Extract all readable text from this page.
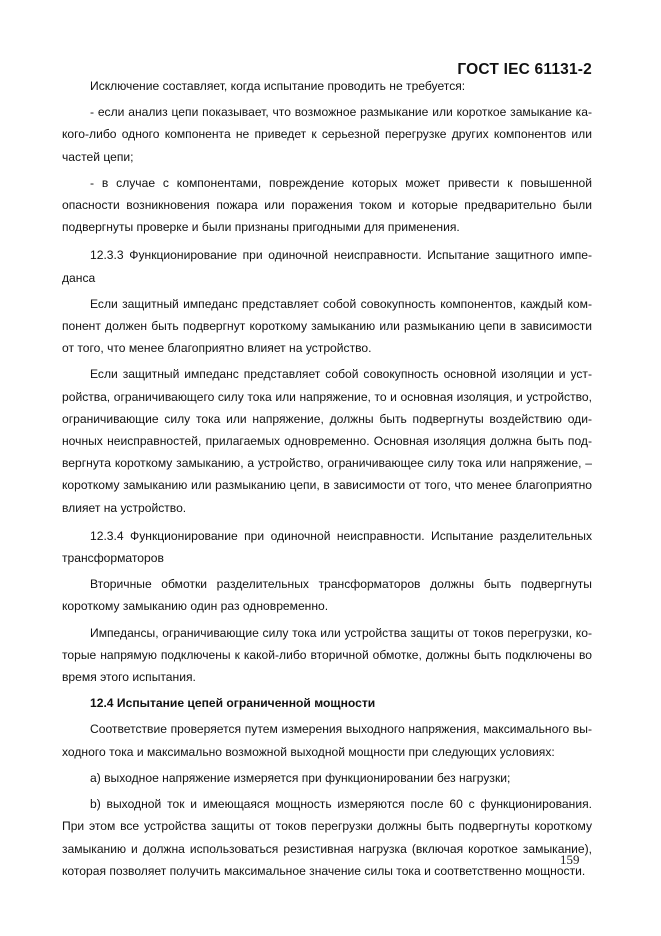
ГОСТ IEC 61131-2

Исключение составляет, когда испытание проводить не требуется:

- если анализ цепи показывает, что возможное размыкание или короткое замыкание какого-либо одного компонента не приведет к серьезной перегрузке других компонентов или частей цепи;

- в случае с компонентами, повреждение которых может привести к повышенной опасности возникновения пожара или поражения током и которые предварительно были подвергнуты проверке и были признаны пригодными для применения.

12.3.3 Функционирование при одиночной неисправности. Испытание защитного импеданса

Если защитный импеданс представляет собой совокупность компонентов, каждый компонент должен быть подвергнут короткому замыканию или размыканию цепи в зависимости от того, что менее благоприятно влияет на устройство.

Если защитный импеданс представляет собой совокупность основной изоляции и устройства, ограничивающего силу тока или напряжение, то и основная изоляция, и устройство, ограничивающие силу тока или напряжение, должны быть подвергнуты воздействию одиночных неисправностей, прилагаемых одновременно. Основная изоляция должна быть подвергнута короткому замыканию, а устройство, ограничивающее силу тока или напряжение, – короткому замыканию или размыканию цепи, в зависимости от того, что менее благоприятно влияет на устройство.

12.3.4 Функционирование при одиночной неисправности. Испытание разделительных трансформаторов

Вторичные обмотки разделительных трансформаторов должны быть подвергнуты короткому замыканию один раз одновременно.

Импедансы, ограничивающие силу тока или устройства защиты от токов перегрузки, которые напрямую подключены к какой-либо вторичной обмотке, должны быть подключены во время этого испытания.

12.4 Испытание цепей ограниченной мощности

Соответствие проверяется путем измерения выходного напряжения, максимального выходного тока и максимально возможной выходной мощности при следующих условиях:

a) выходное напряжение измеряется при функционировании без нагрузки;

b) выходной ток и имеющаяся мощность измеряются после 60 с функционирования. При этом все устройства защиты от токов перегрузки должны быть подвергнуты короткому замыканию и должна использоваться резистивная нагрузка (включая короткое замыкание), которая позволяет получить максимальное значение силы тока и соответственно мощности.

159
